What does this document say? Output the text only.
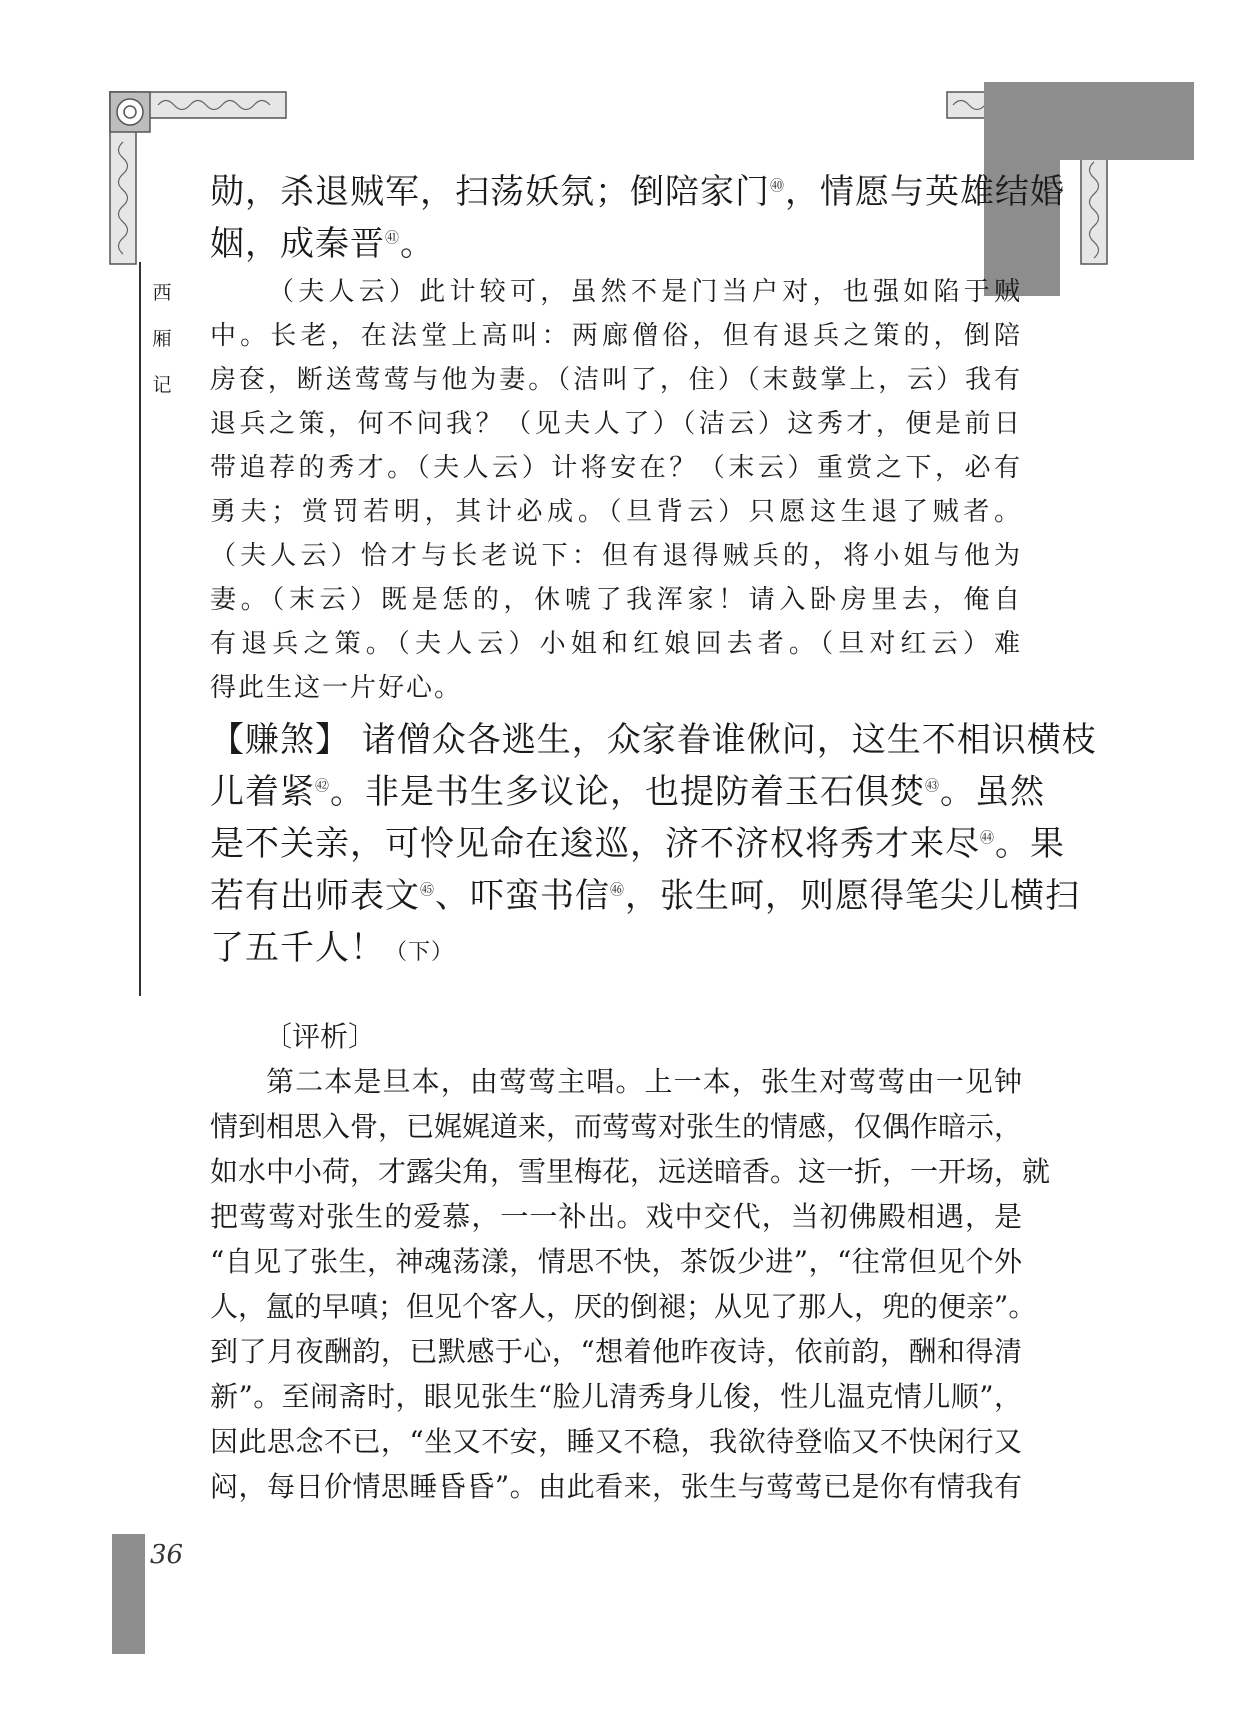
西
厢
记
勋，杀退贼军，扫荡妖氛；倒陪家门$^㊵$，情愿与英雄结婚
姻，成秦晋$^㊶$。
（夫人云）此计较可，虽然不是门当户对，也强如陷于贼
中。长老，在法堂上高叫：两廊僧俗，但有退兵之策的，倒陪
房奁，断送莺莺与他为妻。（洁叫了，住）（末鼓掌上，云）我有
退兵之策，何不问我？（见夫人了）（洁云）这秀才，便是前日
带追荐的秀才。（夫人云）计将安在？（末云）重赏之下，必有
勇夫；赏罚若明，其计必成。（旦背云）只愿这生退了贼者。
（夫人云）恰才与长老说下：但有退得贼兵的，将小姐与他为
妻。（末云）既是恁的，休唬了我浑家！请入卧房里去，俺自
有退兵之策。（夫人云）小姐和红娘回去者。（旦对红云）难
得此生这一片好心。
【赚煞】 诸僧众各逃生，众家眷谁偢问，这生不相识横枝
儿着紧$^㊷$。非是书生多议论，也提防着玉石俱焚$^㊸$。虽然
是不关亲，可怜见命在逡巡，济不济权将秀才来尽$^㊹$。果
若有出师表文$^㊺$、吓蛮书信$^㊻$，张生呵，则愿得笔尖儿横扫
了五千人！（下）
〔评析〕
第二本是旦本，由莺莺主唱。上一本，张生对莺莺由一见钟
情到相思入骨，已娓娓道来，而莺莺对张生的情感，仅偶作暗示，
如水中小荷，才露尖角，雪里梅花，远送暗香。这一折，一开场，就
把莺莺对张生的爱慕，一一补出。戏中交代，当初佛殿相遇，是
“自见了张生，神魂荡漾，情思不快，茶饭少进”，“往常但见个外
人，氲的早嗔；但见个客人，厌的倒褪；从见了那人，兜的便亲”。
到了月夜酬韵，已默感于心，“想着他昨夜诗，依前韵，酬和得清
新”。至闹斋时，眼见张生“脸儿清秀身儿俊，性儿温克情儿顺”，
因此思念不已，“坐又不安，睡又不稳，我欲待登临又不快闲行又
闷，每日价情思睡昏昏”。由此看来，张生与莺莺已是你有情我有
36
